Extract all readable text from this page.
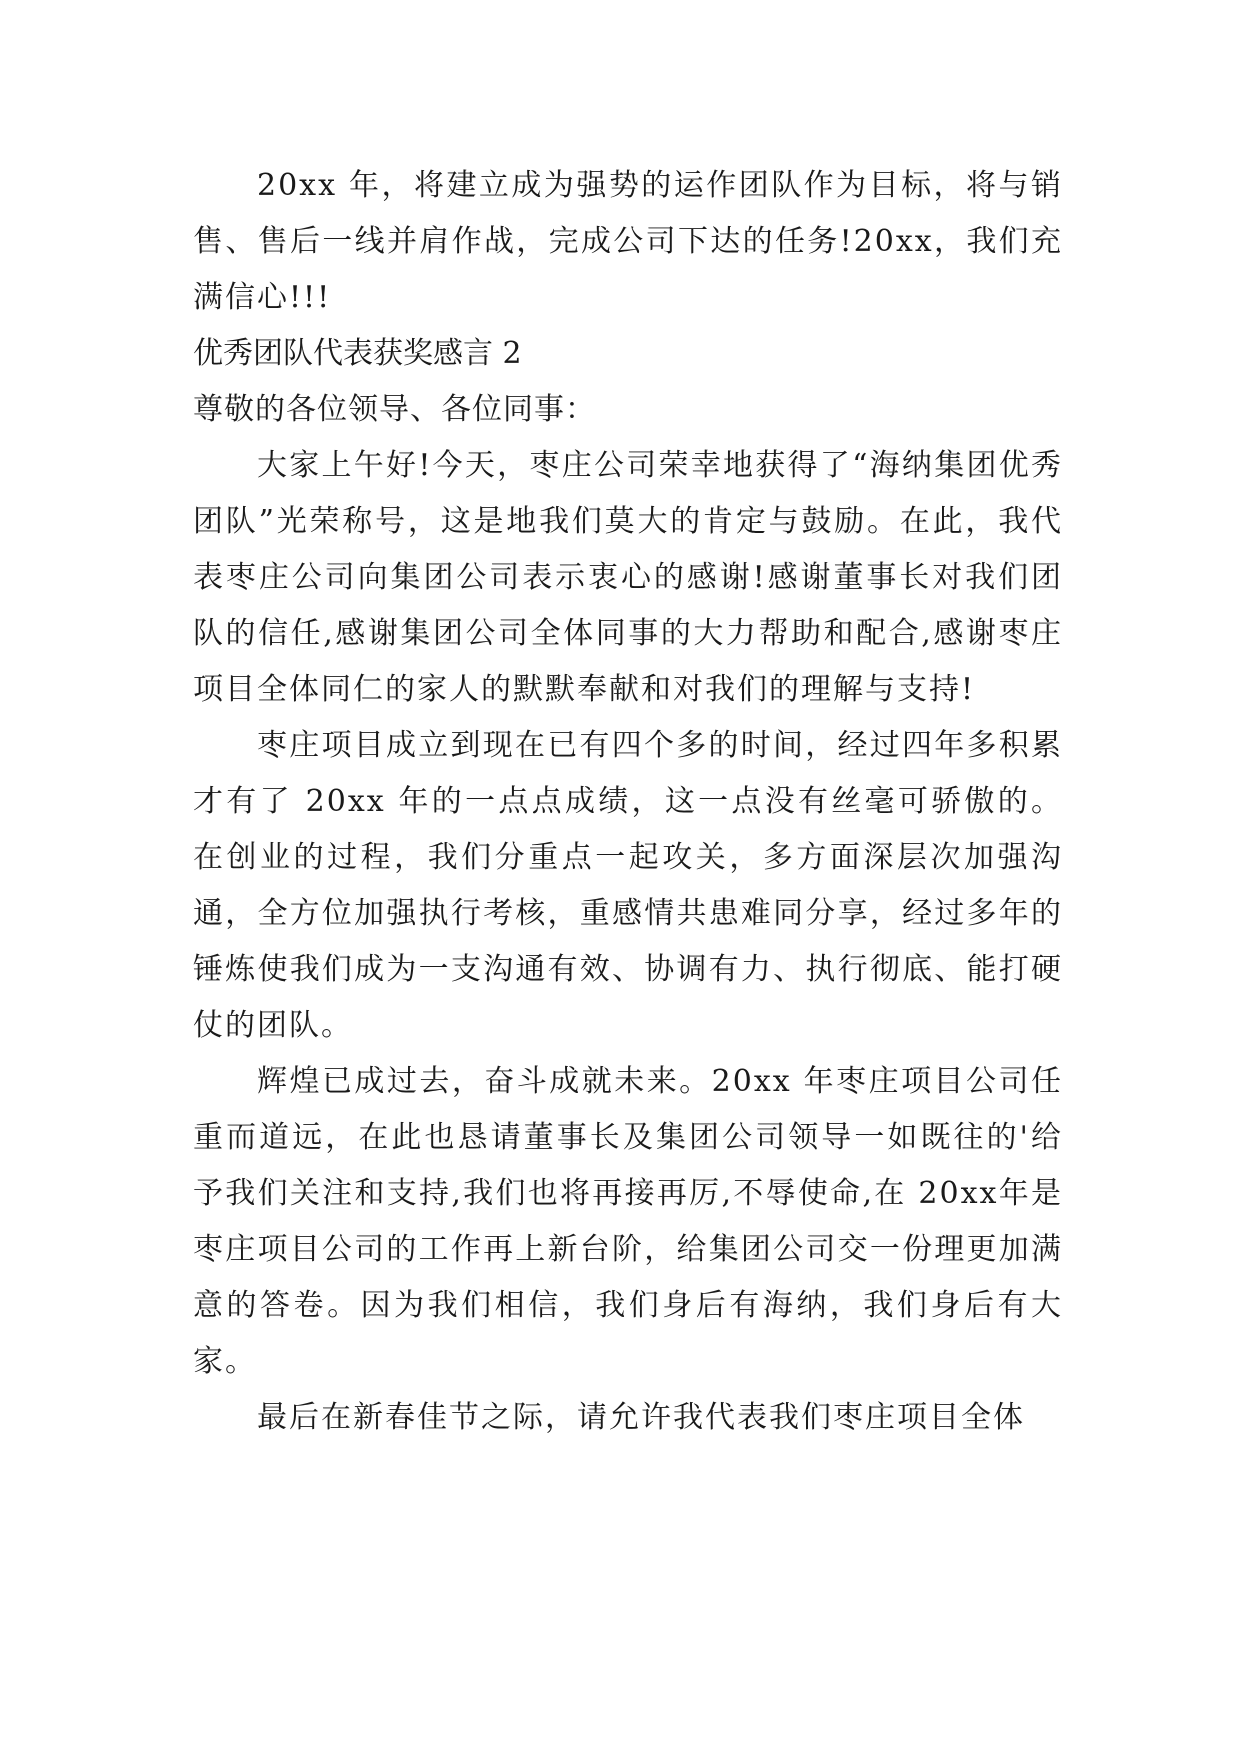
20xx 年，将建立成为强势的运作团队作为目标，将与销售、售后一线并肩作战，完成公司下达的任务!20xx，我们充满信心!!!

优秀团队代表获奖感言 2

尊敬的各位领导、各位同事：

大家上午好!今天，枣庄公司荣幸地获得了“海纳集团优秀团队”光荣称号，这是地我们莫大的肯定与鼓励。在此，我代表枣庄公司向集团公司表示衷心的感谢!感谢董事长对我们团队的信任,感谢集团公司全体同事的大力帮助和配合,感谢枣庄项目全体同仁的家人的默默奉献和对我们的理解与支持!

枣庄项目成立到现在已有四个多的时间，经过四年多积累才有了 20xx 年的一点点成绩，这一点没有丝毫可骄傲的。在创业的过程，我们分重点一起攻关，多方面深层次加强沟通，全方位加强执行考核，重感情共患难同分享，经过多年的锤炼使我们成为一支沟通有效、协调有力、执行彻底、能打硬仗的团队。

辉煌已成过去，奋斗成就未来。20xx 年枣庄项目公司任重而道远，在此也恳请董事长及集团公司领导一如既往的'给予我们关注和支持,我们也将再接再厉,不辱使命,在 20xx年是枣庄项目公司的工作再上新台阶，给集团公司交一份理更加满意的答卷。因为我们相信，我们身后有海纳，我们身后有大家。

最后在新春佳节之际，请允许我代表我们枣庄项目全体
